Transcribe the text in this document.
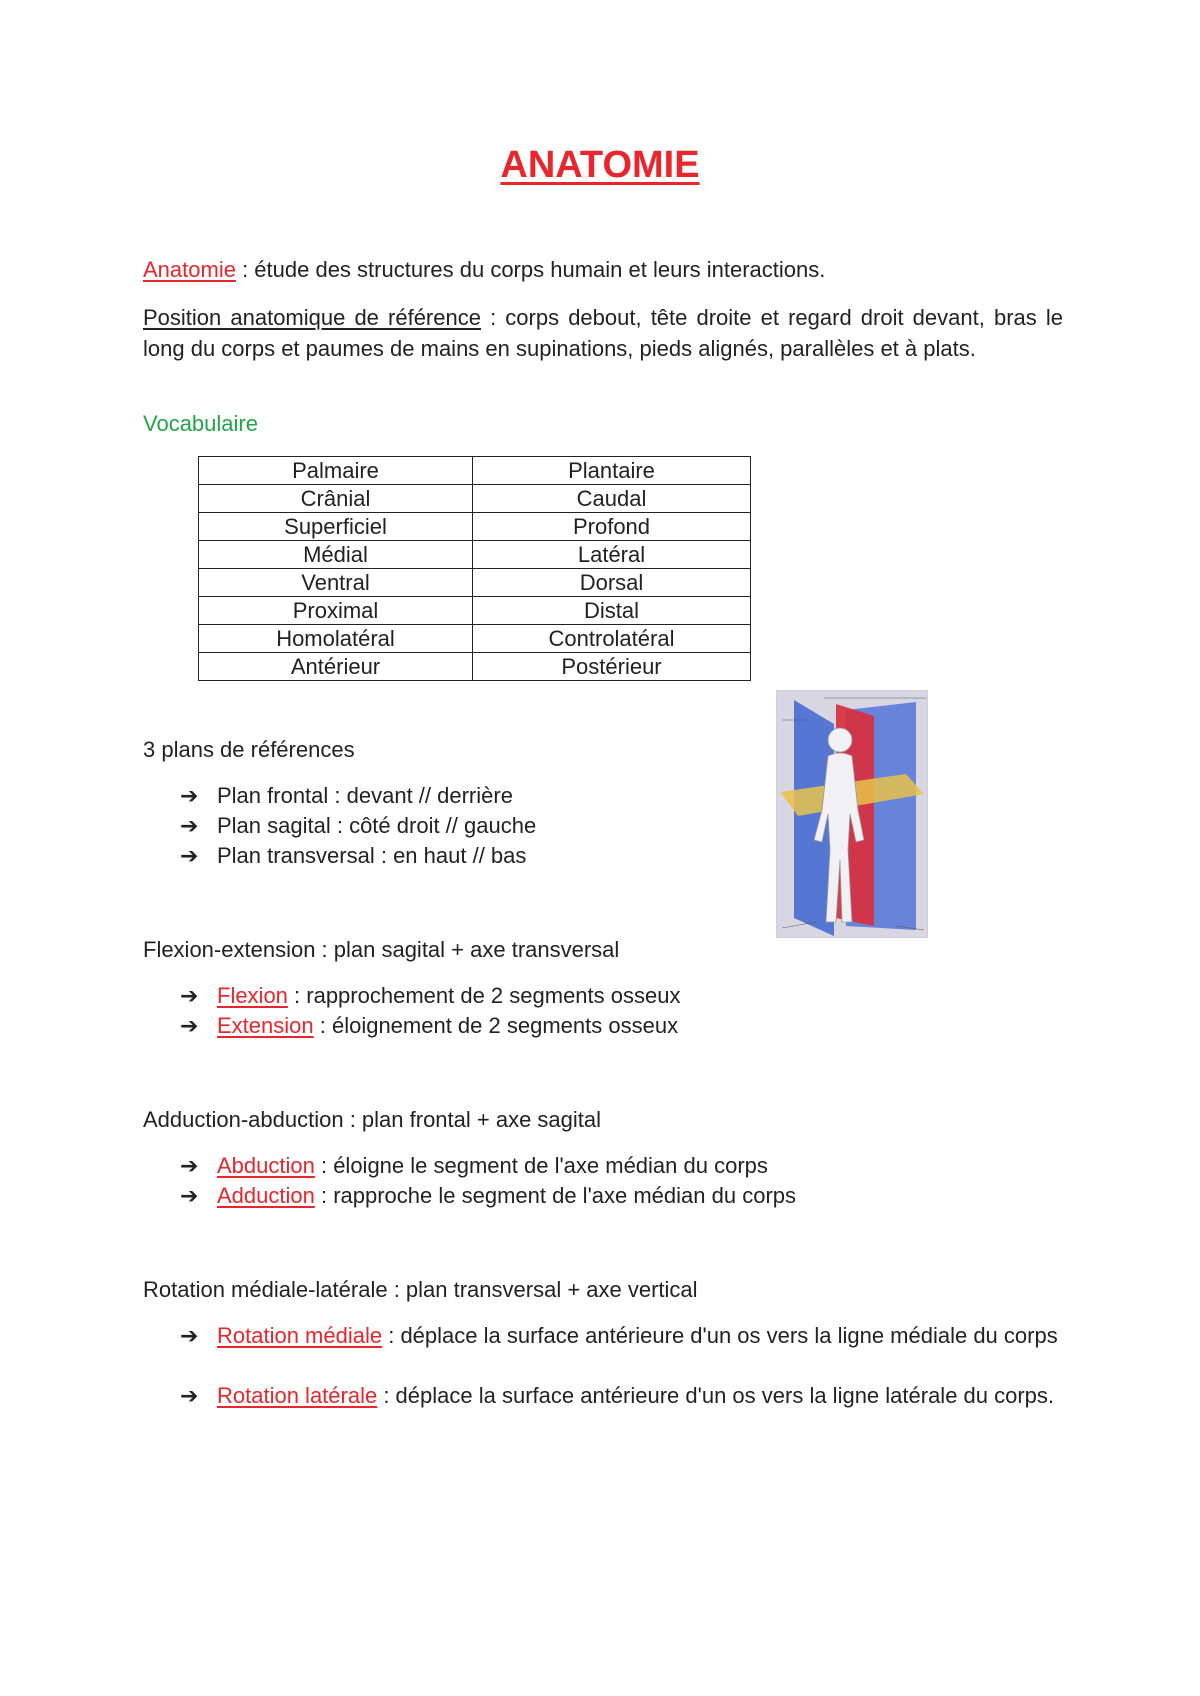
ANATOMIE
Anatomie : étude des structures du corps humain et leurs interactions.
Position anatomique de référence : corps debout, tête droite et regard droit devant, bras le long du corps et paumes de mains en supinations, pieds alignés, parallèles et à plats.
Vocabulaire
Palmaire	Plantaire
Crânial	Caudal
Superficiel	Profond
Médial	Latéral
Ventral	Dorsal
Proximal	Distal
Homolatéral	Controlatéral
Antérieur	Postérieur
3 plans de références
➔ Plan frontal : devant // derrière
➔ Plan sagital : côté droit // gauche
➔ Plan transversal : en haut // bas
Flexion-extension : plan sagital + axe transversal
➔ Flexion : rapprochement de 2 segments osseux
➔ Extension : éloignement de 2 segments osseux
Adduction-abduction : plan frontal + axe sagital
➔ Abduction : éloigne le segment de l'axe médian du corps
➔ Adduction : rapproche le segment de l'axe médian du corps
Rotation médiale-latérale : plan transversal + axe vertical
➔ Rotation médiale : déplace la surface antérieure d'un os vers la ligne médiale du corps
➔ Rotation latérale : déplace la surface antérieure d'un os vers la ligne latérale du corps.
